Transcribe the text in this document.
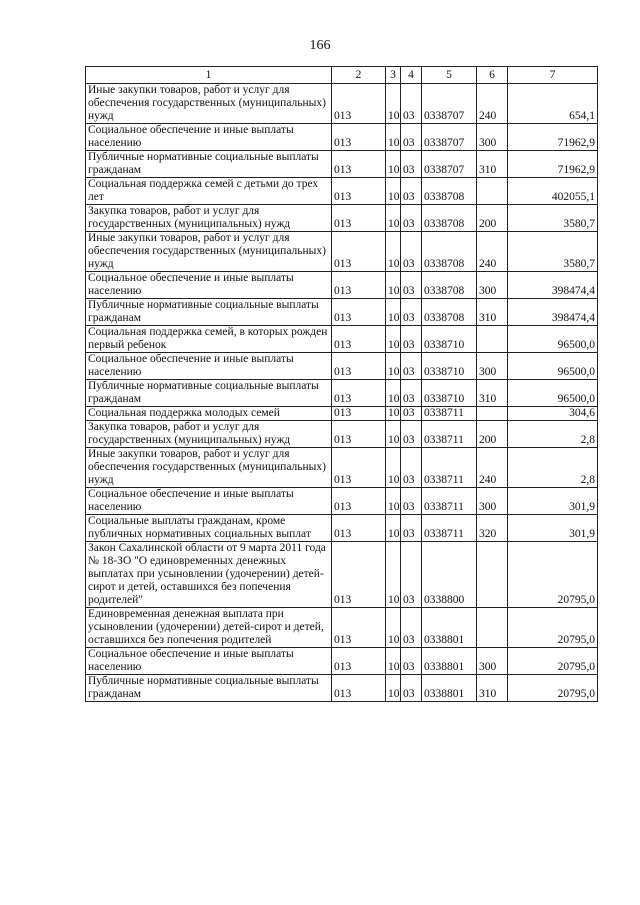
166
1	2	3	4	5	6	7
Иные закупки товаров, работ и услуг для обеспечения государственных (муниципальных) нужд	013	10	03	0338707	240	654,1
Социальное обеспечение и иные выплаты населению	013	10	03	0338707	300	71962,9
Публичные нормативные социальные выплаты гражданам	013	10	03	0338707	310	71962,9
Социальная поддержка семей с детьми до трех лет	013	10	03	0338708		402055,1
Закупка товаров, работ и услуг для государственных (муниципальных) нужд	013	10	03	0338708	200	3580,7
Иные закупки товаров, работ и услуг для обеспечения государственных (муниципальных) нужд	013	10	03	0338708	240	3580,7
Социальное обеспечение и иные выплаты населению	013	10	03	0338708	300	398474,4
Публичные нормативные социальные выплаты гражданам	013	10	03	0338708	310	398474,4
Социальная поддержка семей, в которых рожден первый ребенок	013	10	03	0338710		96500,0
Социальное обеспечение и иные выплаты населению	013	10	03	0338710	300	96500,0
Публичные нормативные социальные выплаты гражданам	013	10	03	0338710	310	96500,0
Социальная поддержка молодых семей	013	10	03	0338711		304,6
Закупка товаров, работ и услуг для государственных (муниципальных) нужд	013	10	03	0338711	200	2,8
Иные закупки товаров, работ и услуг для обеспечения государственных (муниципальных) нужд	013	10	03	0338711	240	2,8
Социальное обеспечение и иные выплаты населению	013	10	03	0338711	300	301,9
Социальные выплаты гражданам, кроме публичных нормативных социальных выплат	013	10	03	0338711	320	301,9
Закон Сахалинской области от 9 марта 2011 года № 18-ЗО "О единовременных денежных выплатах при усыновлении (удочерении) детей-сирот и детей, оставшихся без попечения родителей"	013	10	03	0338800		20795,0
Единовременная денежная выплата при усыновлении (удочерении) детей-сирот и детей, оставшихся без попечения родителей	013	10	03	0338801		20795,0
Социальное обеспечение и иные выплаты населению	013	10	03	0338801	300	20795,0
Публичные нормативные социальные выплаты гражданам	013	10	03	0338801	310	20795,0
